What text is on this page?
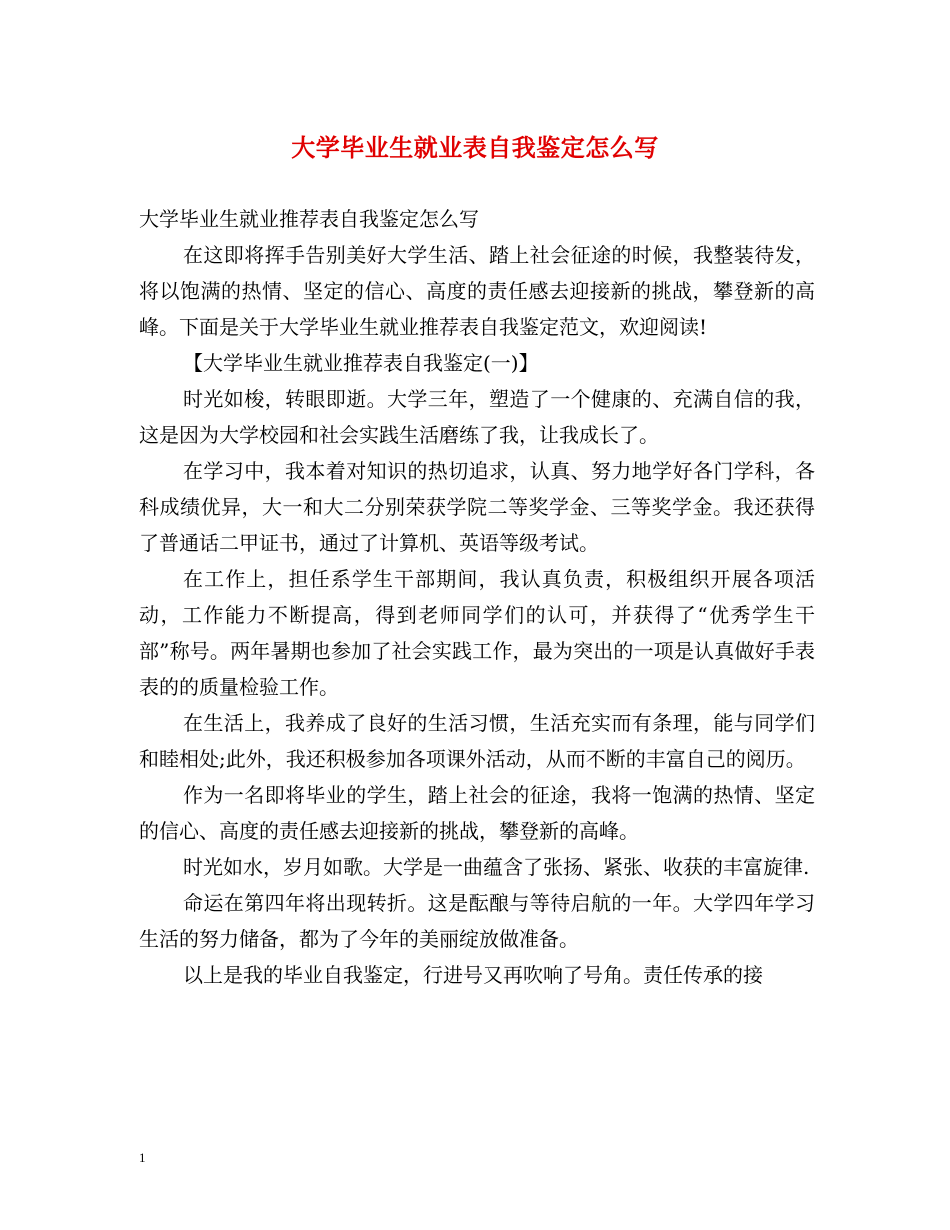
大学毕业生就业表自我鉴定怎么写

大学毕业生就业推荐表自我鉴定怎么写

在这即将挥手告别美好大学生活、踏上社会征途的时候，我整装待发，将以饱满的热情、坚定的信心、高度的责任感去迎接新的挑战，攀登新的高峰。下面是关于大学毕业生就业推荐表自我鉴定范文，欢迎阅读!

【大学毕业生就业推荐表自我鉴定(一)】

时光如梭，转眼即逝。大学三年，塑造了一个健康的、充满自信的我，这是因为大学校园和社会实践生活磨练了我，让我成长了。

在学习中，我本着对知识的热切追求，认真、努力地学好各门学科，各科成绩优异，大一和大二分别荣获学院二等奖学金、三等奖学金。我还获得了普通话二甲证书，通过了计算机、英语等级考试。

在工作上，担任系学生干部期间，我认真负责，积极组织开展各项活动，工作能力不断提高，得到老师同学们的认可，并获得了“优秀学生干部”称号。两年暑期也参加了社会实践工作，最为突出的一项是认真做好手表表的的质量检验工作。

在生活上，我养成了良好的生活习惯，生活充实而有条理，能与同学们和睦相处;此外，我还积极参加各项课外活动，从而不断的丰富自己的阅历。

作为一名即将毕业的学生，踏上社会的征途，我将一饱满的热情、坚定的信心、高度的责任感去迎接新的挑战，攀登新的高峰。

时光如水，岁月如歌。大学是一曲蕴含了张扬、紧张、收获的丰富旋律.

命运在第四年将出现转折。这是酝酿与等待启航的一年。大学四年学习生活的努力储备，都为了今年的美丽绽放做准备。

以上是我的毕业自我鉴定，行进号又再吹响了号角。责任传承的接

1
